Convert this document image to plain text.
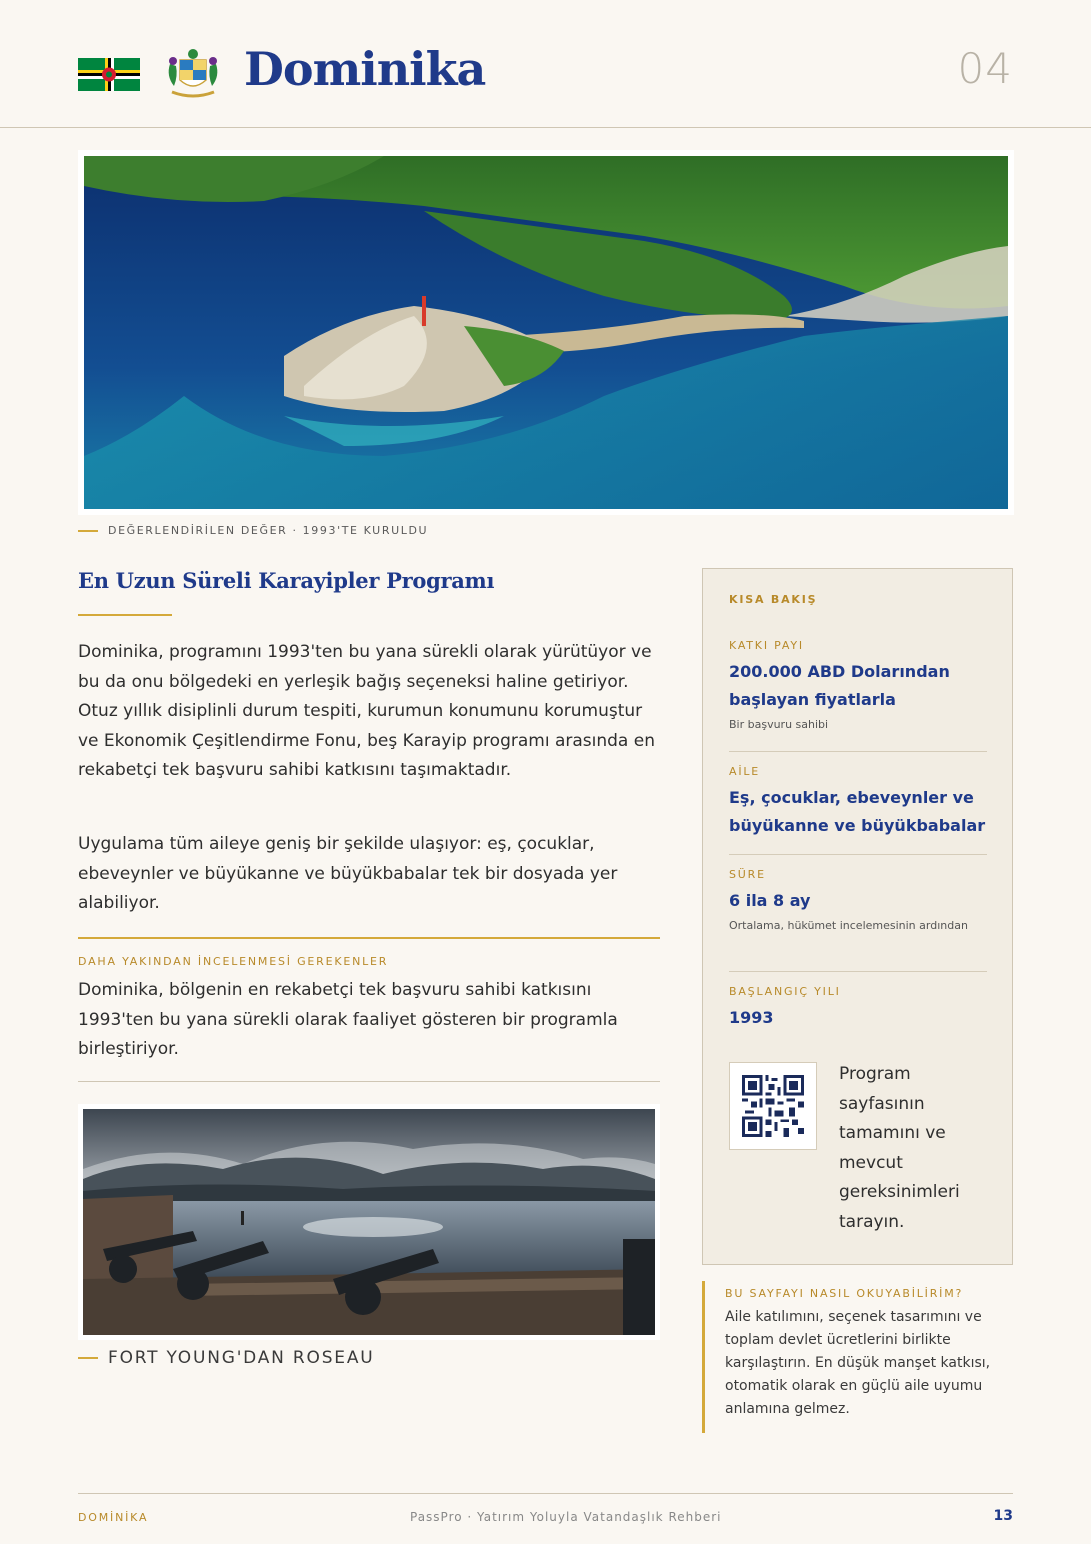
Dominika	04
DEĞERLENDİRİLEN DEĞER · 1993'TE KURULDU
En Uzun Süreli Karayipler Programı

Dominika, programını 1993'ten bu yana sürekli olarak yürütüyor ve bu da onu bölgedeki en yerleşik bağış seçeneksi haline getiriyor. Otuz yıllık disiplinli durum tespiti, kurumun konumunu korumuştur ve Ekonomik Çeşitlendirme Fonu, beş Karayip programı arasında en rekabetçi tek başvuru sahibi katkısını taşımaktadır.

Uygulama tüm aileye geniş bir şekilde ulaşıyor: eş, çocuklar, ebeveynler ve büyükanne ve büyükbabalar tek bir dosyada yer alabiliyor.

DAHA YAKINDAN İNCELENMESİ GEREKENLER

Dominika, bölgenin en rekabetçi tek başvuru sahibi katkısını 1993'ten bu yana sürekli olarak faaliyet gösteren bir programla birleştiriyor.

FORT YOUNG'DAN ROSEAU
KISA BAKIŞ
KATKI PAYI
200.000 ABD Dolarından başlayan fiyatlarla
Bir başvuru sahibi
AİLE
Eş, çocuklar, ebeveynler ve büyükanne ve büyükbabalar
SÜRE
6 ila 8 ay
Ortalama, hükümet incelemesinin ardından
BAŞLANGIÇ YILI
1993
Program sayfasının tamamını ve mevcut gereksinimleri tarayın.
BU SAYFAYI NASIL OKUYABİLİRİM?
Aile katılımını, seçenek tasarımını ve toplam devlet ücretlerini birlikte karşılaştırın. En düşük manşet katkısı, otomatik olarak en güçlü aile uyumu anlamına gelmez.
DOMİNİKA	PassPro · Yatırım Yoluyla Vatandaşlık Rehberi	13
